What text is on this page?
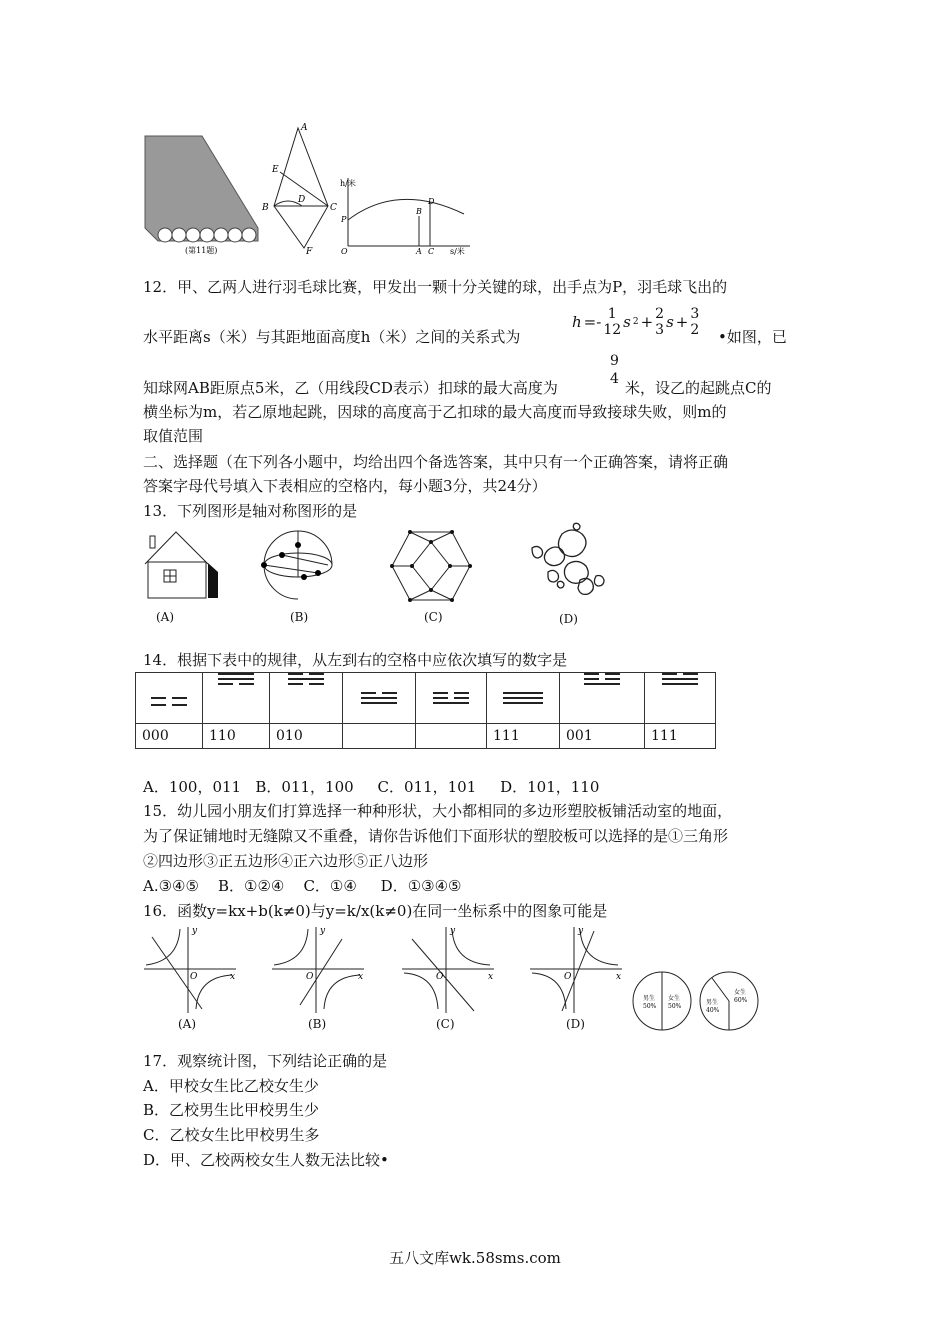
(第11题)
A
E
B
D
C
F
h/米
s/米
O
P
B
D
A C
12．甲、乙两人进行羽毛球比赛，甲发出一颗十分关键的球，出手点为P，羽毛球飞出的
水平距离s（米）与其距地面高度h（米）之间的关系式为
h =- 1
12 s 2 + 2
3 s + 3
2 •如图，已
知球网AB距原点5米，乙（用线段CD表示）扣球的最大高度为
9
4 米，设乙的起跳点C的
横坐标为m，若乙原地起跳，因球的高度高于乙扣球的最大高度而导致接球失败，则m的
取值范围
二、选择题（在下列各小题中，均给出四个备选答案，其中只有一个正确答案，请将正确
答案字母代号填入下表相应的空格内，每小题3分，共24分）
13．下列图形是轴对称图形的是
(A)	(B)	(C)	(D)
14．根据下表中的规律，从左到右的空格中应依次填写的数字是

000	110	010			111	001	111
A．100，011   B．011，100     C．011，101     D．101，110
15．幼儿园小朋友们打算选择一种种形状，大小都相同的多边形塑胶板铺活动室的地面，
为了保证铺地时无缝隙又不重叠，请你告诉他们下面形状的塑胶板可以选择的是①三角形
②四边形③正五边形④正六边形⑤正八边形
A.③④⑤    B．①②④    C．①④     D．①③④⑤
16．函数y=kx+b(k≠0)与y=k/x(k≠0)在同一坐标系中的图象可能是
y
x
O
(A)
y
x
O
(B)
y
x
O
(C)
y
x
O
(D)
男生
50%
女生
50%
男生
40%
女生
60%
17．观察统计图，下列结论正确的是
A．甲校女生比乙校女生少
B．乙校男生比甲校男生少
C．乙校女生比甲校男生多
D．甲、乙校两校女生人数无法比较•
五八文库wk.58sms.com
